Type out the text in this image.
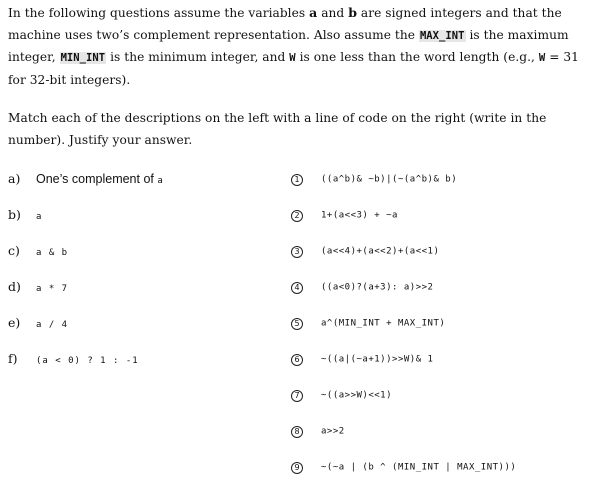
In the following questions assume the variables a and b are signed integers and that the machine uses two’s complement representation. Also assume the MAX_INT is the maximum integer, MIN_INT is the minimum integer, and W is one less than the word length (e.g., W = 31 for 32-bit integers).
Match each of the descriptions on the left with a line of code on the right (write in the number). Justify your answer.
a) One’s complement of a
b) a
c) a & b
d) a * 7
e) a / 4
f) (a < 0) ? 1 : -1
1 ((a^b)& ~b)|(~(a^b)& b)
2 1+(a<<3) + ~a
3 (a<<4)+(a<<2)+(a<<1)
4 ((a<0)?(a+3): a)>>2
5 a^(MIN_INT + MAX_INT)
6 ~((a|(~a+1))>>W)& 1
7 ~((a>>W)<<1)
8 a>>2
9 ~(~a | (b ^ (MIN_INT | MAX_INT)))
